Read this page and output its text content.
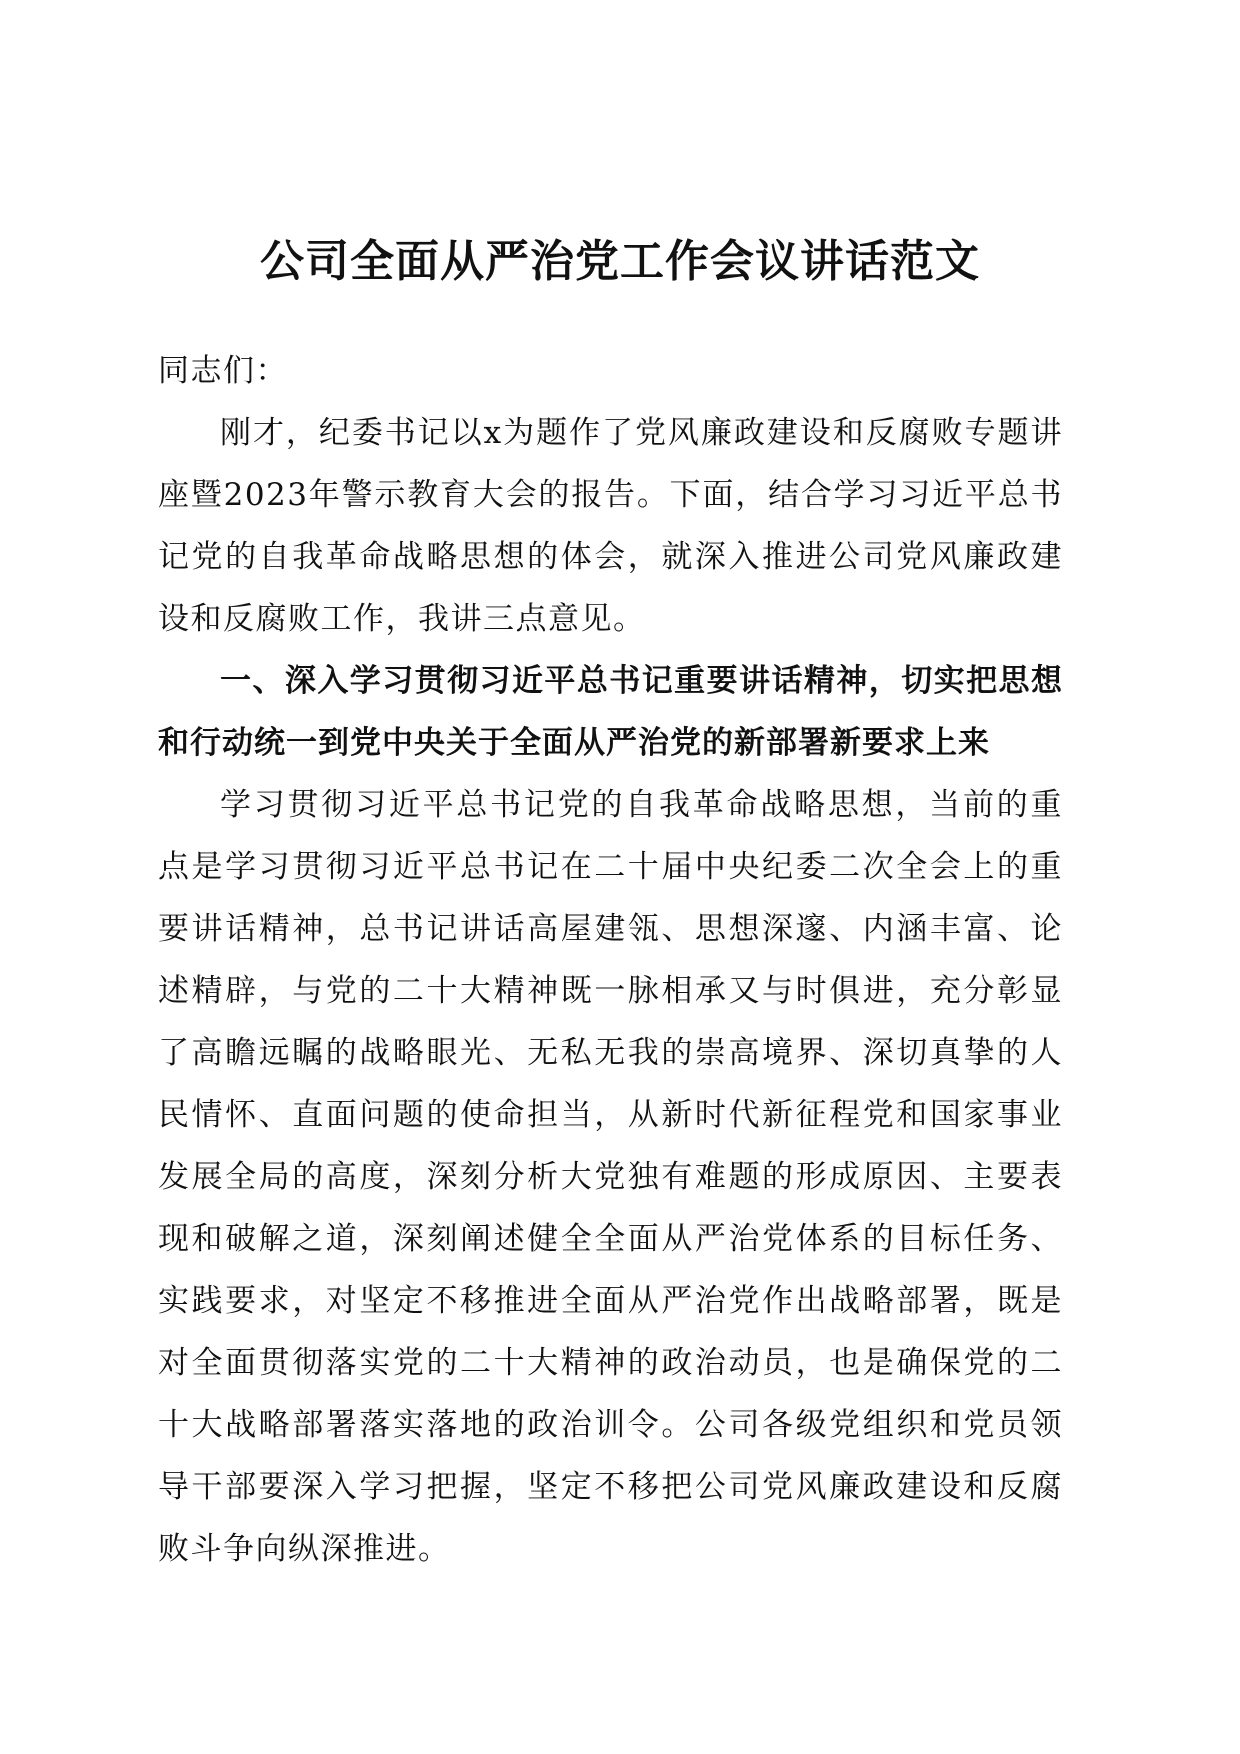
公司全面从严治党工作会议讲话范文

同志们：

刚才，纪委书记以x为题作了党风廉政建设和反腐败专题讲座暨2023年警示教育大会的报告。下面，结合学习习近平总书记党的自我革命战略思想的体会，就深入推进公司党风廉政建设和反腐败工作，我讲三点意见。

一、深入学习贯彻习近平总书记重要讲话精神，切实把思想和行动统一到党中央关于全面从严治党的新部署新要求上来

学习贯彻习近平总书记党的自我革命战略思想，当前的重点是学习贯彻习近平总书记在二十届中央纪委二次全会上的重要讲话精神，总书记讲话高屋建瓴、思想深邃、内涵丰富、论述精辟，与党的二十大精神既一脉相承又与时俱进，充分彰显了高瞻远瞩的战略眼光、无私无我的崇高境界、深切真挚的人民情怀、直面问题的使命担当，从新时代新征程党和国家事业发展全局的高度，深刻分析大党独有难题的形成原因、主要表现和破解之道，深刻阐述健全全面从严治党体系的目标任务、实践要求，对坚定不移推进全面从严治党作出战略部署，既是对全面贯彻落实党的二十大精神的政治动员，也是确保党的二十大战略部署落实落地的政治训令。公司各级党组织和党员领导干部要深入学习把握，坚定不移把公司党风廉政建设和反腐败斗争向纵深推进。
